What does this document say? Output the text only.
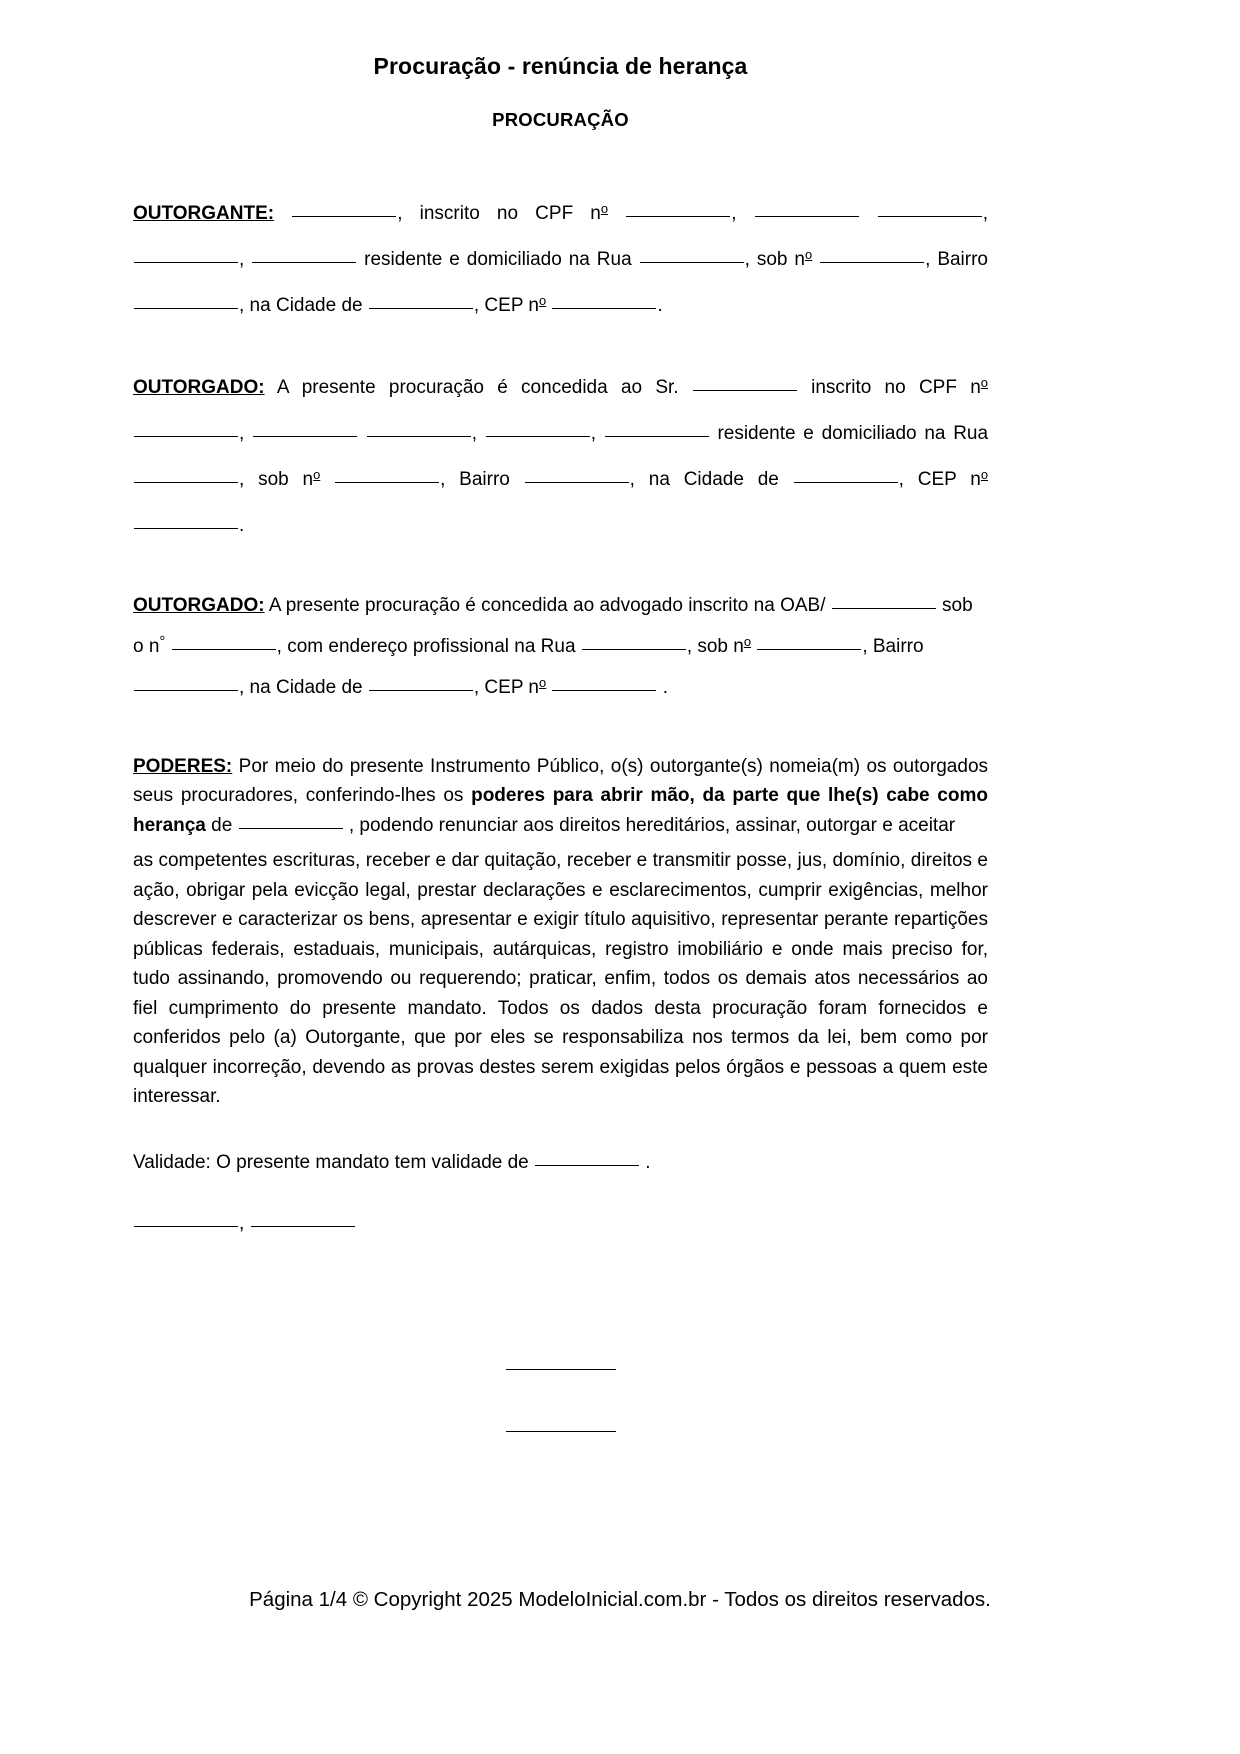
Procuração - renúncia de herança
PROCURAÇÃO

OUTORGANTE:	, inscrito no CPF $n^o$	,	, ,	residente e domiciliado na Rua	, sob $n^o$	, Bairro , na Cidade de	, CEP $n^o$	.

OUTORGADO: A presente procuração é concedida ao Sr.	inscrito no CPF $n^o$ ,	,	,	residente e domiciliado na Rua , sob $n^o$	, Bairro	, na Cidade de	, CEP $n^o$ .

OUTORGADO: A presente procuração é concedida ao advogado inscrito na OAB/	sob o n°	, com endereço profissional na Rua	, sob $n^o$	, Bairro , na Cidade de	, CEP $n^o$	.

PODERES: Por meio do presente Instrumento Público, o(s) outorgante(s) nomeia(m) os outorgados seus procuradores, conferindo-lhes os poderes para abrir mão, da parte que lhe(s) cabe como herança de	, podendo renunciar aos direitos hereditários, assinar, outorgar e aceitar

as competentes escrituras, receber e dar quitação, receber e transmitir posse, jus, domínio, direitos e ação, obrigar pela evicção legal, prestar declarações e esclarecimentos, cumprir exigências, melhor descrever e caracterizar os bens, apresentar e exigir título aquisitivo, representar perante repartições públicas federais, estaduais, municipais, autárquicas, registro imobiliário e onde mais preciso for, tudo assinando, promovendo ou requerendo; praticar, enfim, todos os demais atos necessários ao fiel cumprimento do presente mandato. Todos os dados desta procuração foram fornecidos e conferidos pelo (a) Outorgante, que por eles se responsabiliza nos termos da lei, bem como por qualquer incorreção, devendo as provas destes serem exigidas pelos órgãos e pessoas a quem este interessar.

Validade: O presente mandato tem validade de	.

,

Página 1/4 © Copyright 2025 ModeloInicial.com.br - Todos os direitos reservados.
